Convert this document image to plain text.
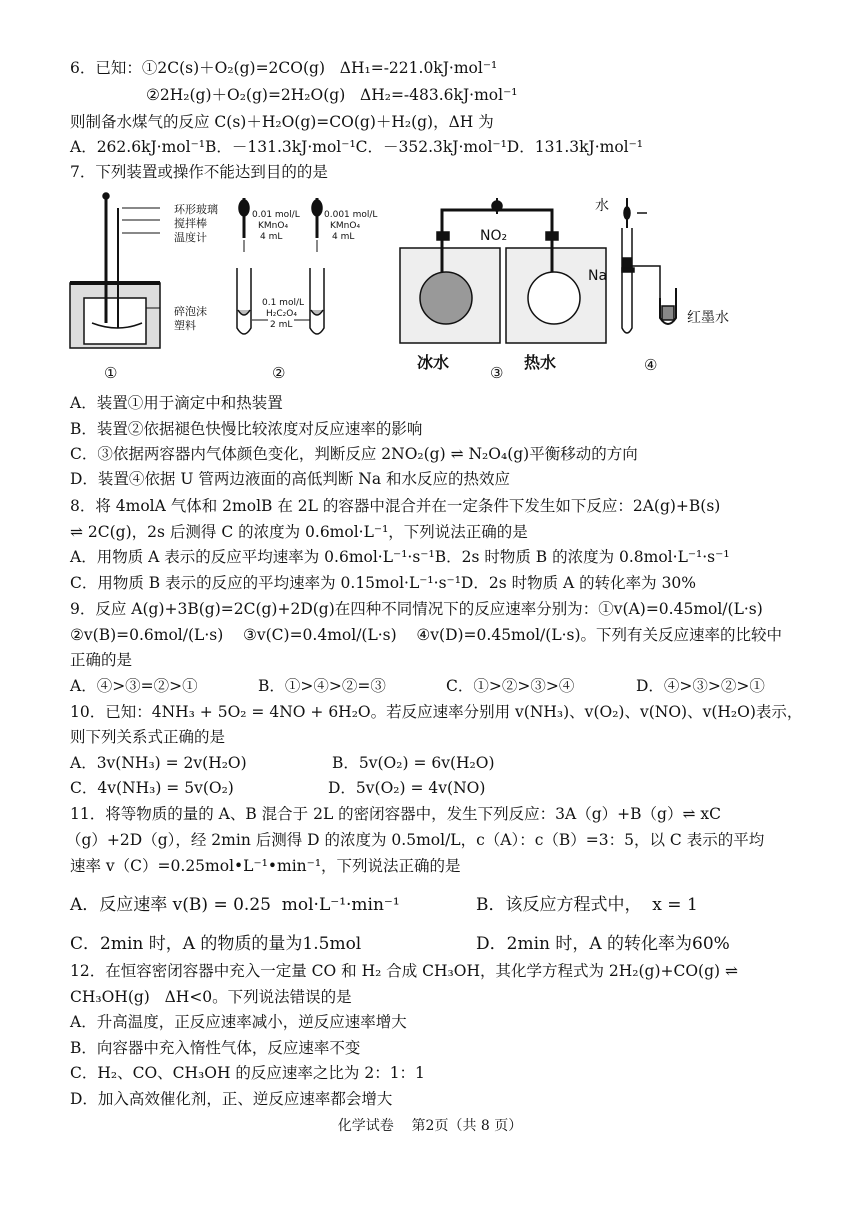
6．已知：①2C(s)＋O₂(g)=2CO(g)   ΔH₁=-221.0kJ·mol⁻¹
②2H₂(g)＋O₂(g)=2H₂O(g)   ΔH₂=-483.6kJ·mol⁻¹
则制备水煤气的反应 C(s)＋H₂O(g)=CO(g)＋H₂(g)，ΔH 为
A．262.6kJ·mol⁻¹B．－131.3kJ·mol⁻¹C．－352.3kJ·mol⁻¹D．131.3kJ·mol⁻¹
7．下列装置或操作不能达到目的的是
环形玻璃
搅拌棒
温度计
碎泡沫
塑料
0.01 mol/L
KMnO₄
4 mL
0.001 mol/L
KMnO₄
4 mL
0.1 mol/L
H₂C₂O₄
2 mL
NO₂
冰水	热水
水
Na
红墨水
①	②	③	④
A．装置①用于滴定中和热装置
B．装置②依据褪色快慢比较浓度对反应速率的影响
C．③依据两容器内气体颜色变化，判断反应 2NO₂(g) ⇌ N₂O₄(g)平衡移动的方向
D．装置④依据 U 管两边液面的高低判断 Na 和水反应的热效应
8．将 4molA 气体和 2molB 在 2L 的容器中混合并在一定条件下发生如下反应：2A(g)+B(s)
⇌ 2C(g)，2s 后测得 C 的浓度为 0.6mol·L⁻¹，下列说法正确的是
A．用物质 A 表示的反应平均速率为 0.6mol·L⁻¹·s⁻¹B．2s 时物质 B 的浓度为 0.8mol·L⁻¹·s⁻¹
C．用物质 B 表示的反应的平均速率为 0.15mol·L⁻¹·s⁻¹D．2s 时物质 A 的转化率为 30%
9．反应 A(g)+3B(g)=2C(g)+2D(g)在四种不同情况下的反应速率分别为：①v(A)=0.45mol/(L·s)
②v(B)=0.6mol/(L·s)    ③v(C)=0.4mol/(L·s)    ④v(D)=0.45mol/(L·s)。下列有关反应速率的比较中
正确的是
A．④>③=②>①	B．①>④>②=③	C．①>②>③>④	D．④>③>②>①
10．已知：4NH₃ + 5O₂ = 4NO + 6H₂O。若反应速率分别用 v(NH₃)、v(O₂)、v(NO)、v(H₂O)表示，
则下列关系式正确的是
A．3v(NH₃) = 2v(H₂O)	B．5v(O₂) = 6v(H₂O)
C．4v(NH₃) = 5v(O₂)	D．5v(O₂) = 4v(NO)
11．将等物质的量的 A、B 混合于 2L 的密闭容器中，发生下列反应：3A（g）+B（g）⇌ xC
（g）+2D（g），经 2min 后测得 D 的浓度为 0.5mol/L，c（A）：c（B）=3：5，以 C 表示的平均
速率 v（C）=0.25mol•L⁻¹•min⁻¹，下列说法正确的是
A．反应速率 v(B) = 0.25  mol·L⁻¹·min⁻¹	B．该反应方程式中，  x = 1
C．2min 时，A 的物质的量为1.5mol	D．2min 时，A 的转化率为60%
12．在恒容密闭容器中充入一定量 CO 和 H₂ 合成 CH₃OH，其化学方程式为 2H₂(g)+CO(g) ⇌
CH₃OH(g)   ΔH<0。下列说法错误的是
A．升高温度，正反应速率减小，逆反应速率增大
B．向容器中充入惰性气体，反应速率不变
C．H₂、CO、CH₃OH 的反应速率之比为 2：1：1
D．加入高效催化剂，正、逆反应速率都会增大
化学试卷    第2页（共 8 页）
